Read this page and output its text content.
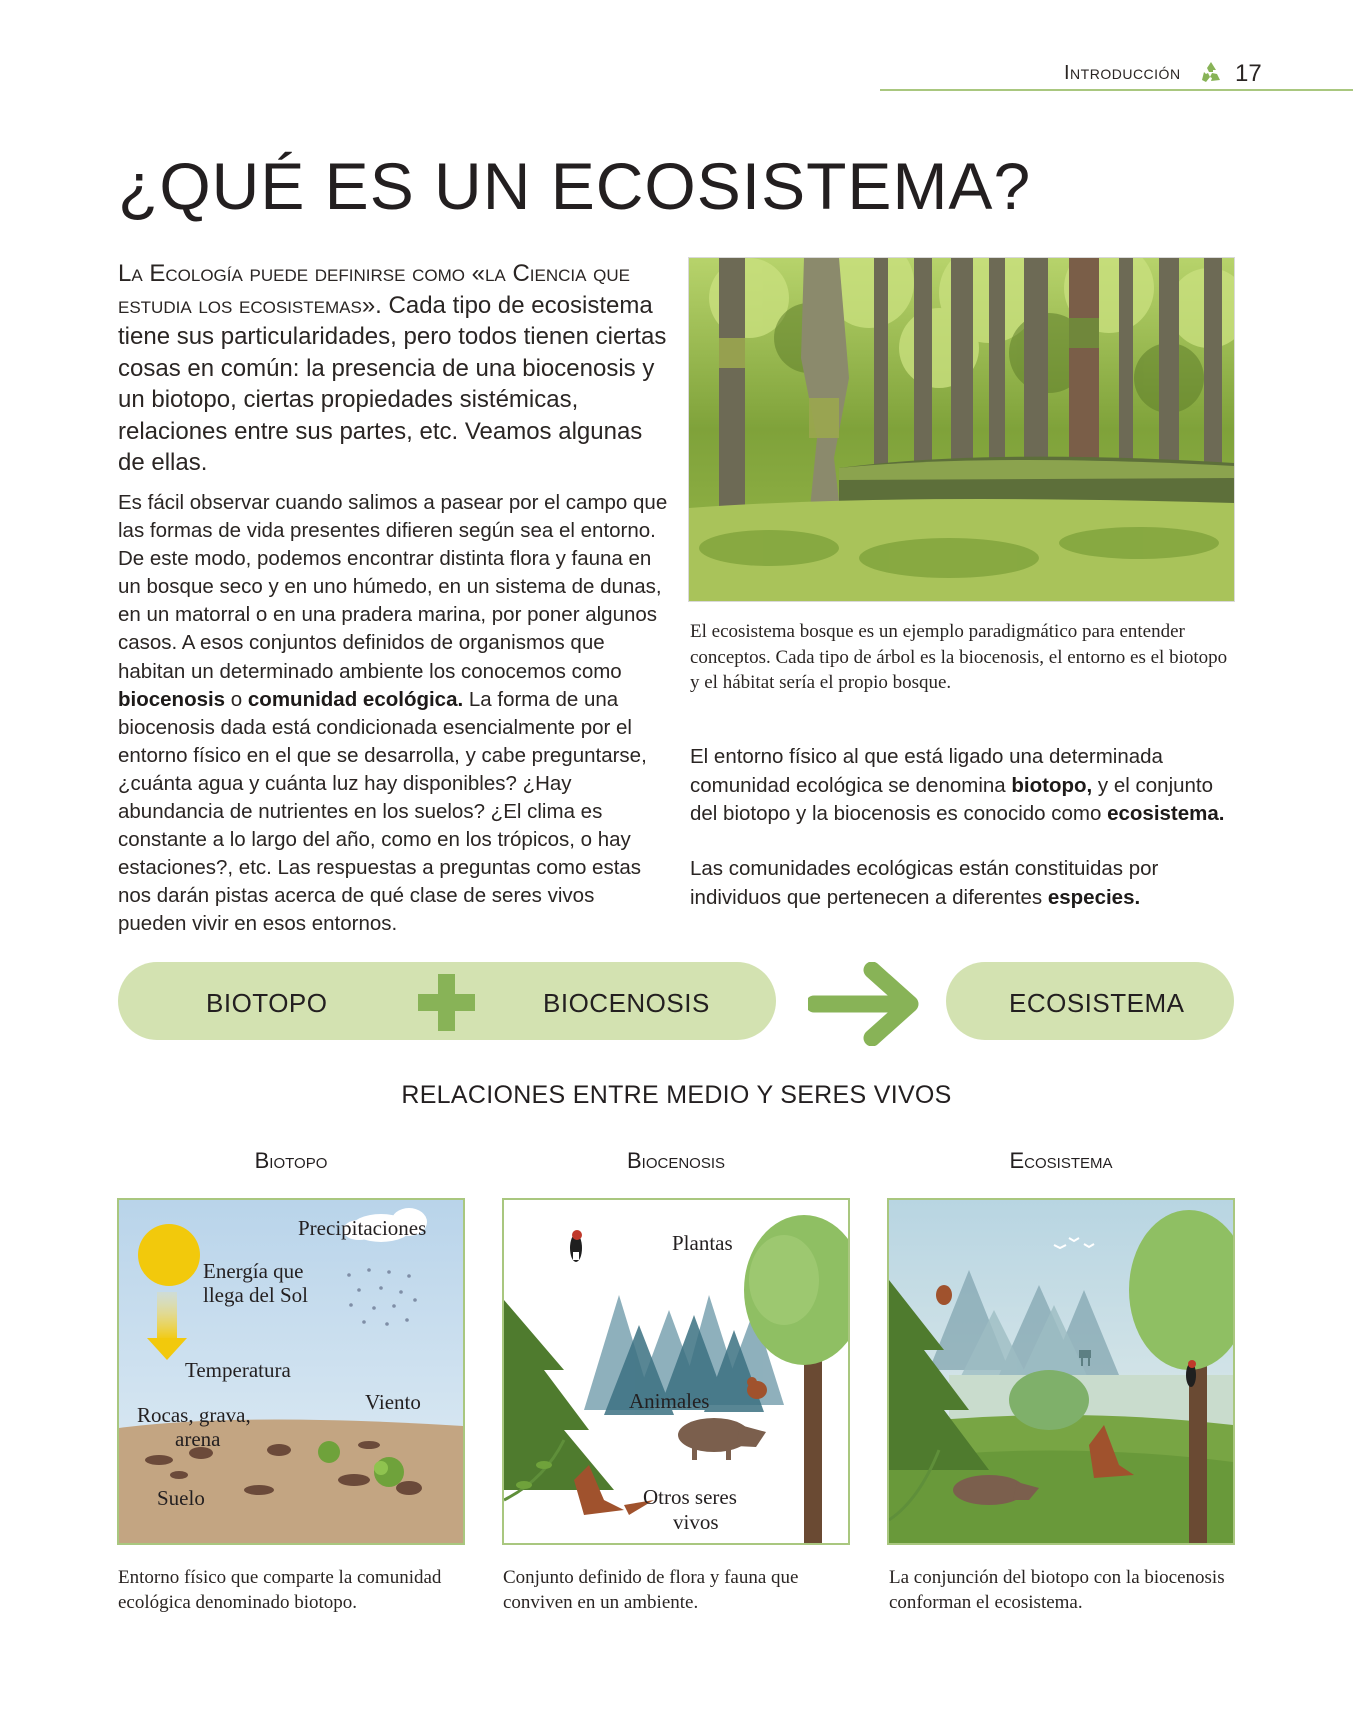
Introducción 17
¿QUÉ ES UN ECOSISTEMA?
La Ecología puede definirse como «la Ciencia que estudia los ecosistemas». Cada tipo de ecosistema tiene sus particularidades, pero todos tienen ciertas cosas en común: la presencia de una biocenosis y un biotopo, ciertas propiedades sistémicas, relaciones entre sus partes, etc. Veamos algunas de ellas.
Es fácil observar cuando salimos a pasear por el campo que las formas de vida presentes difieren según sea el entorno. De este modo, podemos encontrar distinta flora y fauna en un bosque seco y en uno húmedo, en un sistema de dunas, en un matorral o en una pradera marina, por poner algunos casos. A esos conjuntos definidos de organismos que habitan un determinado ambiente los conocemos como biocenosis o comunidad ecológica. La forma de una biocenosis dada está condicionada esencialmente por el entorno físico en el que se desarrolla, y cabe preguntarse, ¿cuánta agua y cuánta luz hay disponibles? ¿Hay abundancia de nutrientes en los suelos? ¿El clima es constante a lo largo del año, como en los trópicos, o hay estaciones?, etc. Las respuestas a preguntas como estas nos darán pistas acerca de qué clase de seres vivos pueden vivir en esos entornos.
El ecosistema bosque es un ejemplo paradigmático para entender conceptos. Cada tipo de árbol es la biocenosis, el entorno es el biotopo y el hábitat sería el propio bosque.
El entorno físico al que está ligado una determinada comunidad ecológica se denomina biotopo, y el conjunto del biotopo y la biocenosis es conocido como ecosistema.
Las comunidades ecológicas están constituidas por individuos que pertenecen a diferentes especies.
BIOTOPO	BIOCENOSIS	ECOSISTEMA
RELACIONES ENTRE MEDIO Y SERES VIVOS
Biotopo	Biocenosis	Ecosistema
Precipitaciones
Energía que
llega del Sol
Temperatura
Viento
Rocas, grava,
arena
Suelo
Plantas
Animales
Otros seres
vivos
Entorno físico que comparte la comunidad ecológica denominado biotopo.
Conjunto definido de flora y fauna que conviven en un ambiente.
La conjunción del biotopo con la biocenosis conforman el ecosistema.
